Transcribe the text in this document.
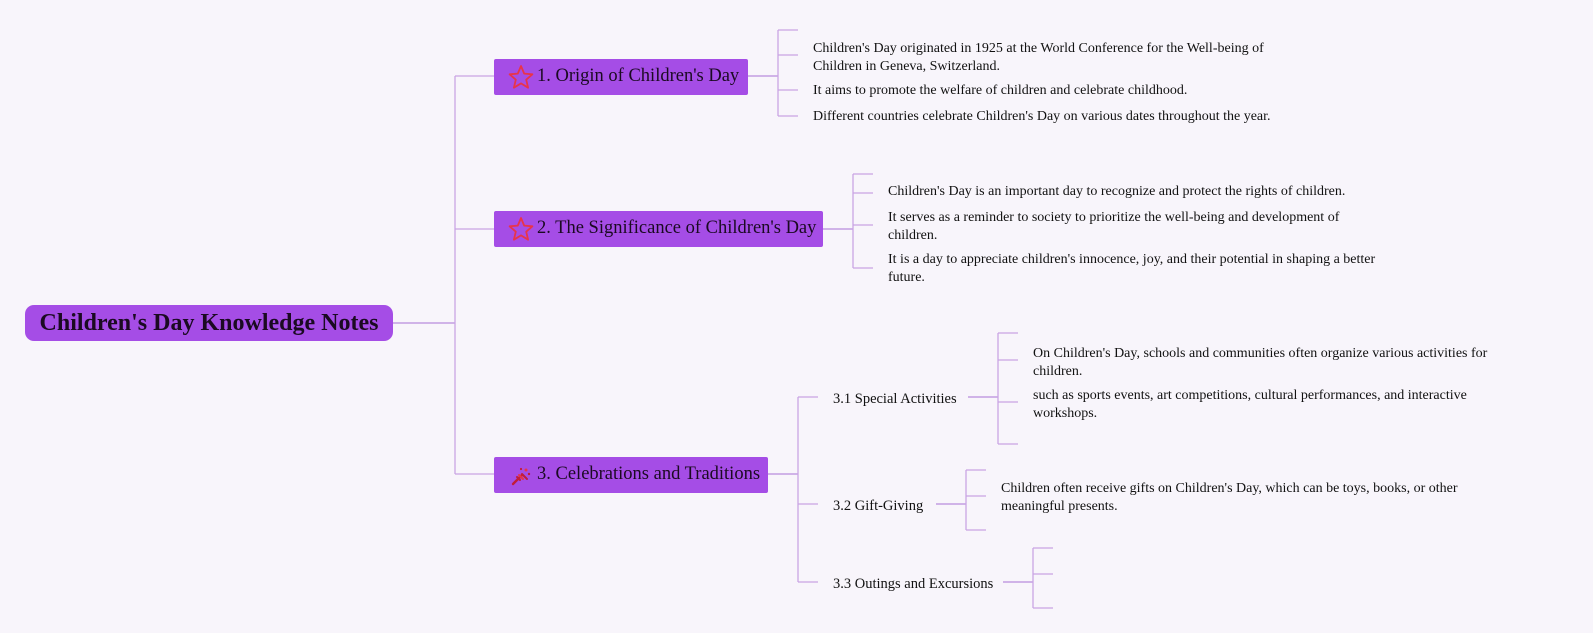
Children's Day Knowledge Notes
1. Origin of Children's Day
Children's Day originated in 1925 at the World Conference for the Well-being of Children in Geneva, Switzerland.
It aims to promote the welfare of children and celebrate childhood.
Different countries celebrate Children's Day on various dates throughout the year.
2. The Significance of Children's Day
Children's Day is an important day to recognize and protect the rights of children.
It serves as a reminder to society to prioritize the well-being and development of children.
It is a day to appreciate children's innocence, joy, and their potential in shaping a better future.
3. Celebrations and Traditions
3.1 Special Activities
On Children's Day, schools and communities often organize various activities for children.
such as sports events, art competitions, cultural performances, and interactive workshops.
3.2 Gift-Giving
Children often receive gifts on Children's Day, which can be toys, books, or other meaningful presents.
3.3 Outings and Excursions
